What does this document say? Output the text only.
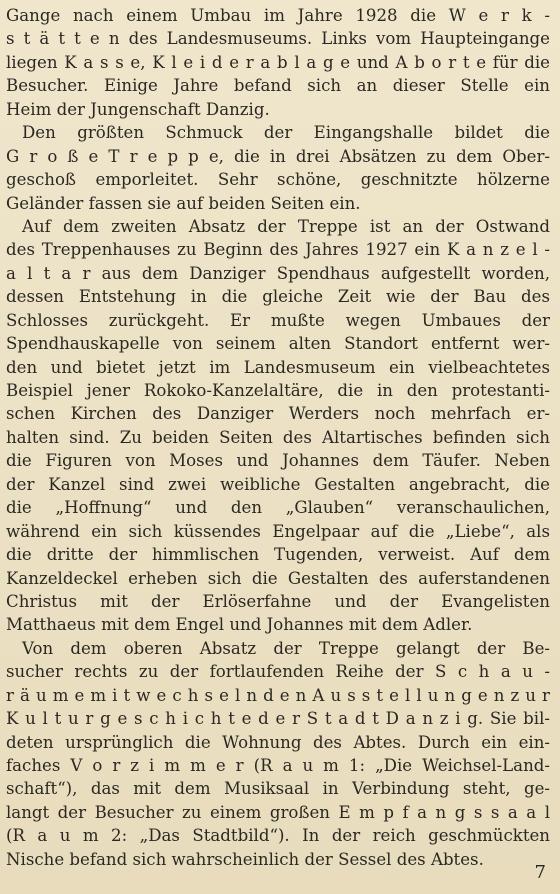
Gange nach einem Umbau im Jahre 1928 die W e r k -
s t ä t t e n des Landesmuseums. Links vom Haupteingange
liegen K a s s e, K l e i d e r a b l a g e und A b o r t e für die
Besucher. Einige Jahre befand sich an dieser Stelle ein
Heim der Jungenschaft Danzig.
Den größten Schmuck der Eingangshalle bildet die
G r o ß e T r e p p e, die in drei Absätzen zu dem Ober-
geschoß emporleitet. Sehr schöne, geschnitzte hölzerne
Geländer fassen sie auf beiden Seiten ein.
Auf dem zweiten Absatz der Treppe ist an der Ostwand
des Treppenhauses zu Beginn des Jahres 1927 ein K a n z e l -
a l t a r aus dem Danziger Spendhaus aufgestellt worden,
dessen Entstehung in die gleiche Zeit wie der Bau des
Schlosses zurückgeht. Er mußte wegen Umbaues der
Spendhauskapelle von seinem alten Standort entfernt wer-
den und bietet jetzt im Landesmuseum ein vielbeachtetes
Beispiel jener Rokoko-Kanzelaltäre, die in den protestanti-
schen Kirchen des Danziger Werders noch mehrfach er-
halten sind. Zu beiden Seiten des Altartisches befinden sich
die Figuren von Moses und Johannes dem Täufer. Neben
der Kanzel sind zwei weibliche Gestalten angebracht, die
die „Hoffnung“ und den „Glauben“ veranschaulichen,
während ein sich küssendes Engelpaar auf die „Liebe“, als
die dritte der himmlischen Tugenden, verweist. Auf dem
Kanzeldeckel erheben sich die Gestalten des auferstandenen
Christus mit der Erlöserfahne und der Evangelisten
Matthaeus mit dem Engel und Johannes mit dem Adler.
Von dem oberen Absatz der Treppe gelangt der Be-
sucher rechts zu der fortlaufenden Reihe der S c h a u -
r ä u m e m i t w e c h s e l n d e n A u s s t e l l u n g e n z u r
K u l t u r g e s c h i c h t e d e r S t a d t D a n z i g. Sie bil-
deten ursprünglich die Wohnung des Abtes. Durch ein ein-
faches V o r z i m m e r (R a u m 1: „Die Weichsel-Land-
schaft“), das mit dem Musiksaal in Verbindung steht, ge-
langt der Besucher zu einem großen E m p f a n g s s a a l
(R a u m 2: „Das Stadtbild“). In der reich geschmückten
Nische befand sich wahrscheinlich der Sessel des Abtes.
7
